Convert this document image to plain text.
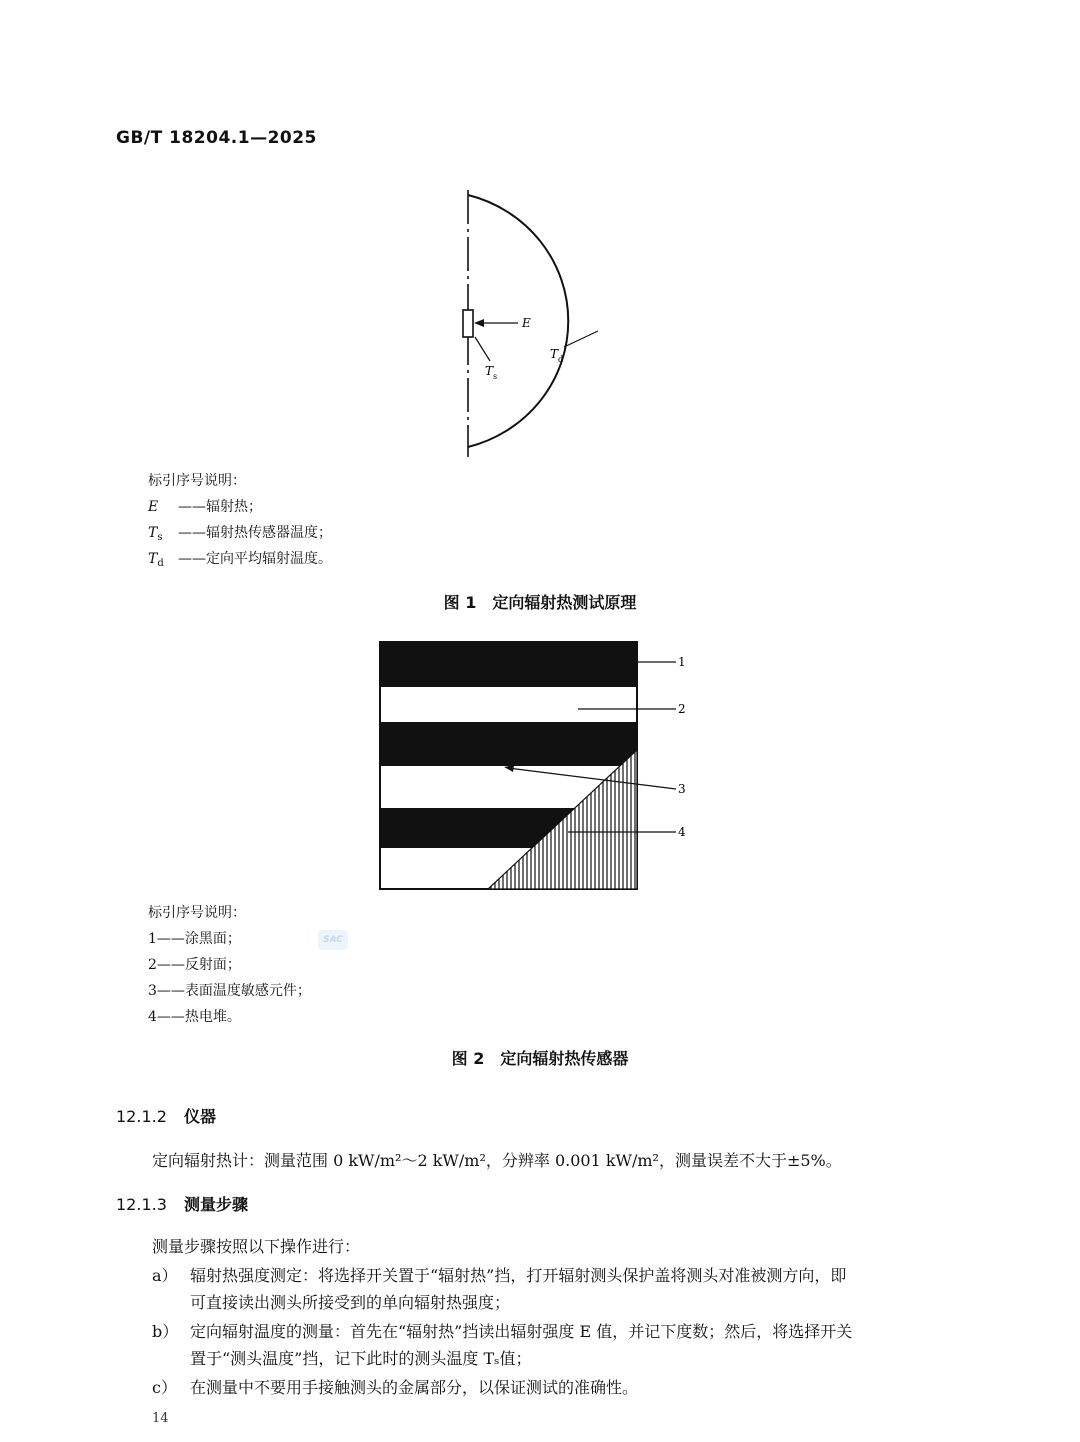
GB/T 18204.1—2025
E
T s
T d
标引序号说明：
E ——辐射热；
$T_s$ ——辐射热传感器温度；
$T_d$ ——定向平均辐射温度。
图 1　定向辐射热测试原理
1
2
3
4
标引序号说明：
1——涂黑面；
2——反射面；
3——表面温度敏感元件；
4——热电堆。
SAC
图 2　定向辐射热传感器
12.1.2 仪器
定向辐射热计：测量范围 0 kW/m²～2 kW/m²，分辨率 0.001 kW/m²，测量误差不大于±5%。
12.1.3 测量步骤
测量步骤按照以下操作进行：
a） 辐射热强度测定：将选择开关置于“辐射热”挡，打开辐射测头保护盖将测头对准被测方向，即
可直接读出测头所接受到的单向辐射热强度；
b） 定向辐射温度的测量：首先在“辐射热”挡读出辐射强度 E 值，并记下度数；然后，将选择开关
置于“测头温度”挡，记下此时的测头温度 Tₛ值；
c） 在测量中不要用手接触测头的金属部分，以保证测试的准确性。
14
